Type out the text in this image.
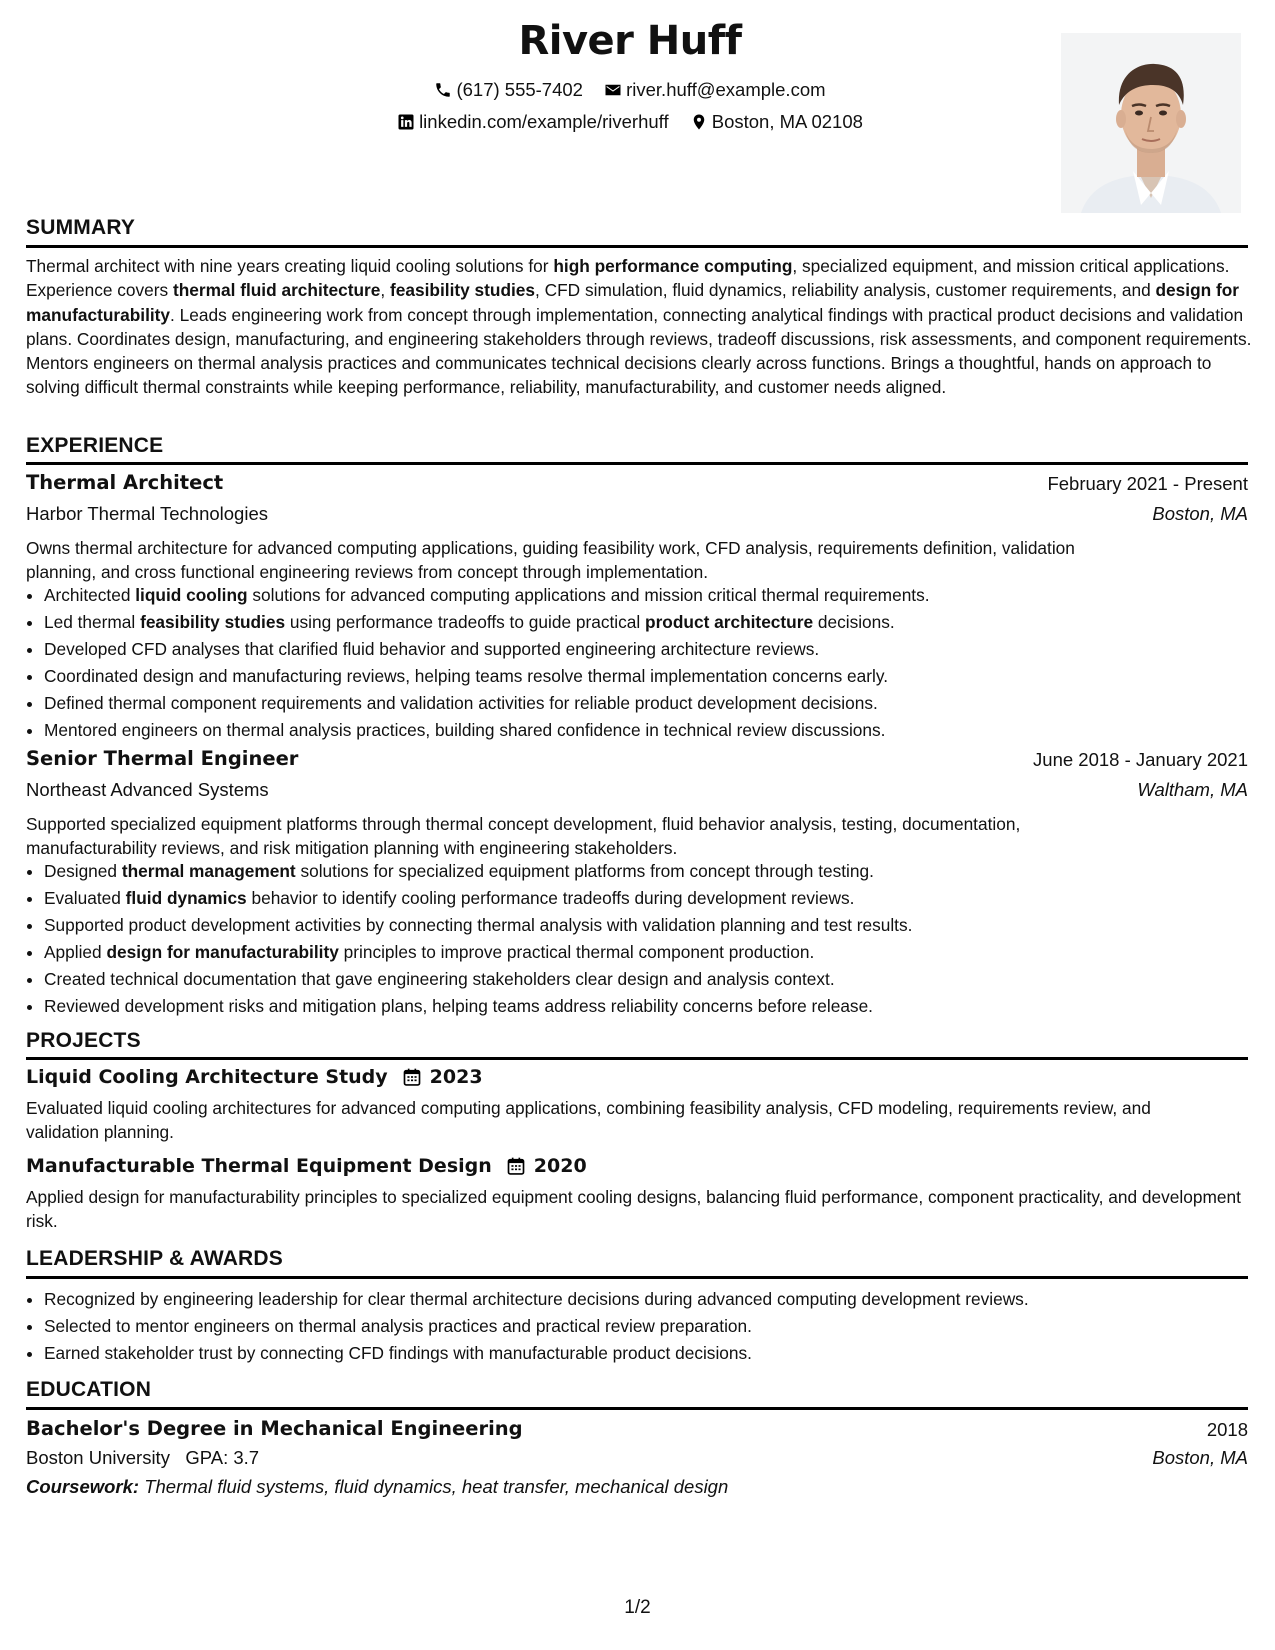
River Huff
(617) 555-7402
river.huff@example.com
linkedin.com/example/riverhuff
Boston, MA 02108
SUMMARY
Thermal architect with nine years creating liquid cooling solutions for high performance computing, specialized equipment, and mission critical applications. Experience covers thermal fluid architecture, feasibility studies, CFD simulation, fluid dynamics, reliability analysis, customer requirements, and design for manufacturability. Leads engineering work from concept through implementation, connecting analytical findings with practical product decisions and validation plans. Coordinates design, manufacturing, and engineering stakeholders through reviews, tradeoff discussions, risk assessments, and component requirements. Mentors engineers on thermal analysis practices and communicates technical decisions clearly across functions. Brings a thoughtful, hands on approach to solving difficult thermal constraints while keeping performance, reliability, manufacturability, and customer needs aligned.
EXPERIENCE
Thermal Architect	February 2021 - Present
Harbor Thermal Technologies	Boston, MA
Owns thermal architecture for advanced computing applications, guiding feasibility work, CFD analysis, requirements definition, validation planning, and cross functional engineering reviews from concept through implementation.
• Architected liquid cooling solutions for advanced computing applications and mission critical thermal requirements.
• Led thermal feasibility studies using performance tradeoffs to guide practical product architecture decisions.
• Developed CFD analyses that clarified fluid behavior and supported engineering architecture reviews.
• Coordinated design and manufacturing reviews, helping teams resolve thermal implementation concerns early.
• Defined thermal component requirements and validation activities for reliable product development decisions.
• Mentored engineers on thermal analysis practices, building shared confidence in technical review discussions.
Senior Thermal Engineer	June 2018 - January 2021
Northeast Advanced Systems	Waltham, MA
Supported specialized equipment platforms through thermal concept development, fluid behavior analysis, testing, documentation, manufacturability reviews, and risk mitigation planning with engineering stakeholders.
• Designed thermal management solutions for specialized equipment platforms from concept through testing.
• Evaluated fluid dynamics behavior to identify cooling performance tradeoffs during development reviews.
• Supported product development activities by connecting thermal analysis with validation planning and test results.
• Applied design for manufacturability principles to improve practical thermal component production.
• Created technical documentation that gave engineering stakeholders clear design and analysis context.
• Reviewed development risks and mitigation plans, helping teams address reliability concerns before release.
PROJECTS
Liquid Cooling Architecture Study 2023
Evaluated liquid cooling architectures for advanced computing applications, combining feasibility analysis, CFD modeling, requirements review, and validation planning.
Manufacturable Thermal Equipment Design 2020
Applied design for manufacturability principles to specialized equipment cooling designs, balancing fluid performance, component practicality, and development risk.
LEADERSHIP & AWARDS
• Recognized by engineering leadership for clear thermal architecture decisions during advanced computing development reviews.
• Selected to mentor engineers on thermal analysis practices and practical review preparation.
• Earned stakeholder trust by connecting CFD findings with manufacturable product decisions.
EDUCATION
Bachelor's Degree in Mechanical Engineering	2018
Boston University GPA: 3.7	Boston, MA
Coursework: Thermal fluid systems, fluid dynamics, heat transfer, mechanical design
1/2
